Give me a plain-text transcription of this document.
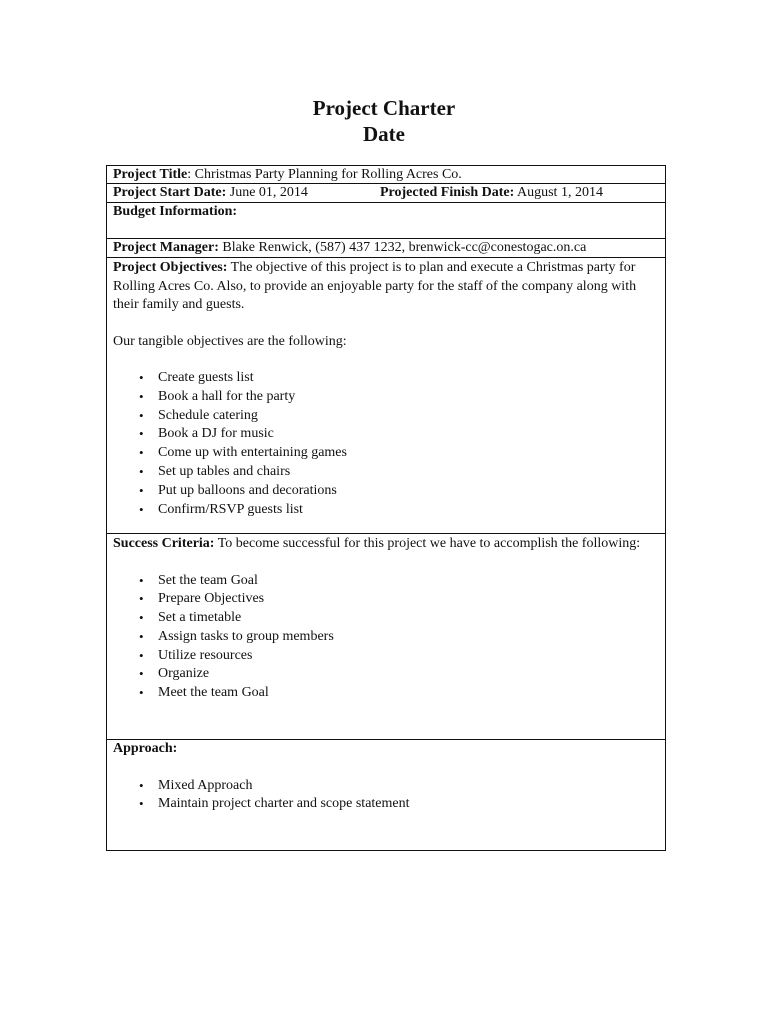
Project Charter
Date
Project Title: Christmas Party Planning for Rolling Acres Co.
Project Start Date: June 01, 2014	Projected Finish Date: August 1, 2014
Budget Information:
Project Manager: Blake Renwick, (587) 437 1232, brenwick-cc@conestogac.on.ca
Project Objectives: The objective of this project is to plan and execute a Christmas party for Rolling Acres Co. Also, to provide an enjoyable party for the staff of the company along with their family and guests.
Our tangible objectives are the following:
• Create guests list
• Book a hall for the party
• Schedule catering
• Book a DJ for music
• Come up with entertaining games
• Set up tables and chairs
• Put up balloons and decorations
• Confirm/RSVP guests list
Success Criteria: To become successful for this project we have to accomplish the following:
• Set the team Goal
• Prepare Objectives
• Set a timetable
• Assign tasks to group members
• Utilize resources
• Organize
• Meet the team Goal
Approach:
• Mixed Approach
• Maintain project charter and scope statement
